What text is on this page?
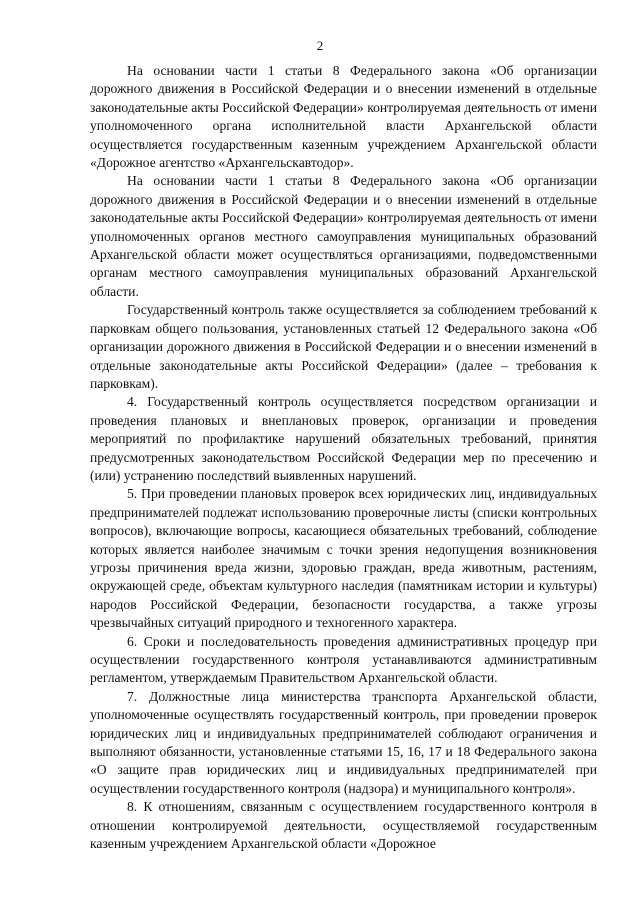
2

На основании части 1 статьи 8 Федерального закона «Об организации дорожного движения в Российской Федерации и о внесении изменений в отдельные законодательные акты Российской Федерации» контролируемая деятельность от имени уполномоченного органа исполнительной власти Архангельской области осуществляется государственным казенным учреждением Архангельской области «Дорожное агентство «Архангельскавтодор».

На основании части 1 статьи 8 Федерального закона «Об организации дорожного движения в Российской Федерации и о внесении изменений в отдельные законодательные акты Российской Федерации» контролируемая деятельность от имени уполномоченных органов местного самоуправления муниципальных образований Архангельской области может осуществляться организациями, подведомственными органам местного самоуправления муниципальных образований Архангельской области.

Государственный контроль также осуществляется за соблюдением требований к парковкам общего пользования, установленных статьей 12 Федерального закона «Об организации дорожного движения в Российской Федерации и о внесении изменений в отдельные законодательные акты Российской Федерации» (далее – требования к парковкам).

4. Государственный контроль осуществляется посредством организации и проведения плановых и внеплановых проверок, организации и проведения мероприятий по профилактике нарушений обязательных требований, принятия предусмотренных законодательством Российской Федерации мер по пресечению и (или) устранению последствий выявленных нарушений.

5. При проведении плановых проверок всех юридических лиц, индивидуальных предпринимателей подлежат использованию проверочные листы (списки контрольных вопросов), включающие вопросы, касающиеся обязательных требований, соблюдение которых является наиболее значимым с точки зрения недопущения возникновения угрозы причинения вреда жизни, здоровью граждан, вреда животным, растениям, окружающей среде, объектам культурного наследия (памятникам истории и культуры) народов Российской Федерации, безопасности государства, а также угрозы чрезвычайных ситуаций природного и техногенного характера.

6. Сроки и последовательность проведения административных процедур при осуществлении государственного контроля устанавливаются административным регламентом, утверждаемым Правительством Архангельской области.

7. Должностные лица министерства транспорта Архангельской области, уполномоченные осуществлять государственный контроль, при проведении проверок юридических лиц и индивидуальных предпринимателей соблюдают ограничения и выполняют обязанности, установленные статьями 15, 16, 17 и 18 Федерального закона «О защите прав юридических лиц и индивидуальных предпринимателей при осуществлении государственного контроля (надзора) и муниципального контроля».

8. К отношениям, связанным с осуществлением государственного контроля в отношении контролируемой деятельности, осуществляемой государственным казенным учреждением Архангельской области «Дорожное
